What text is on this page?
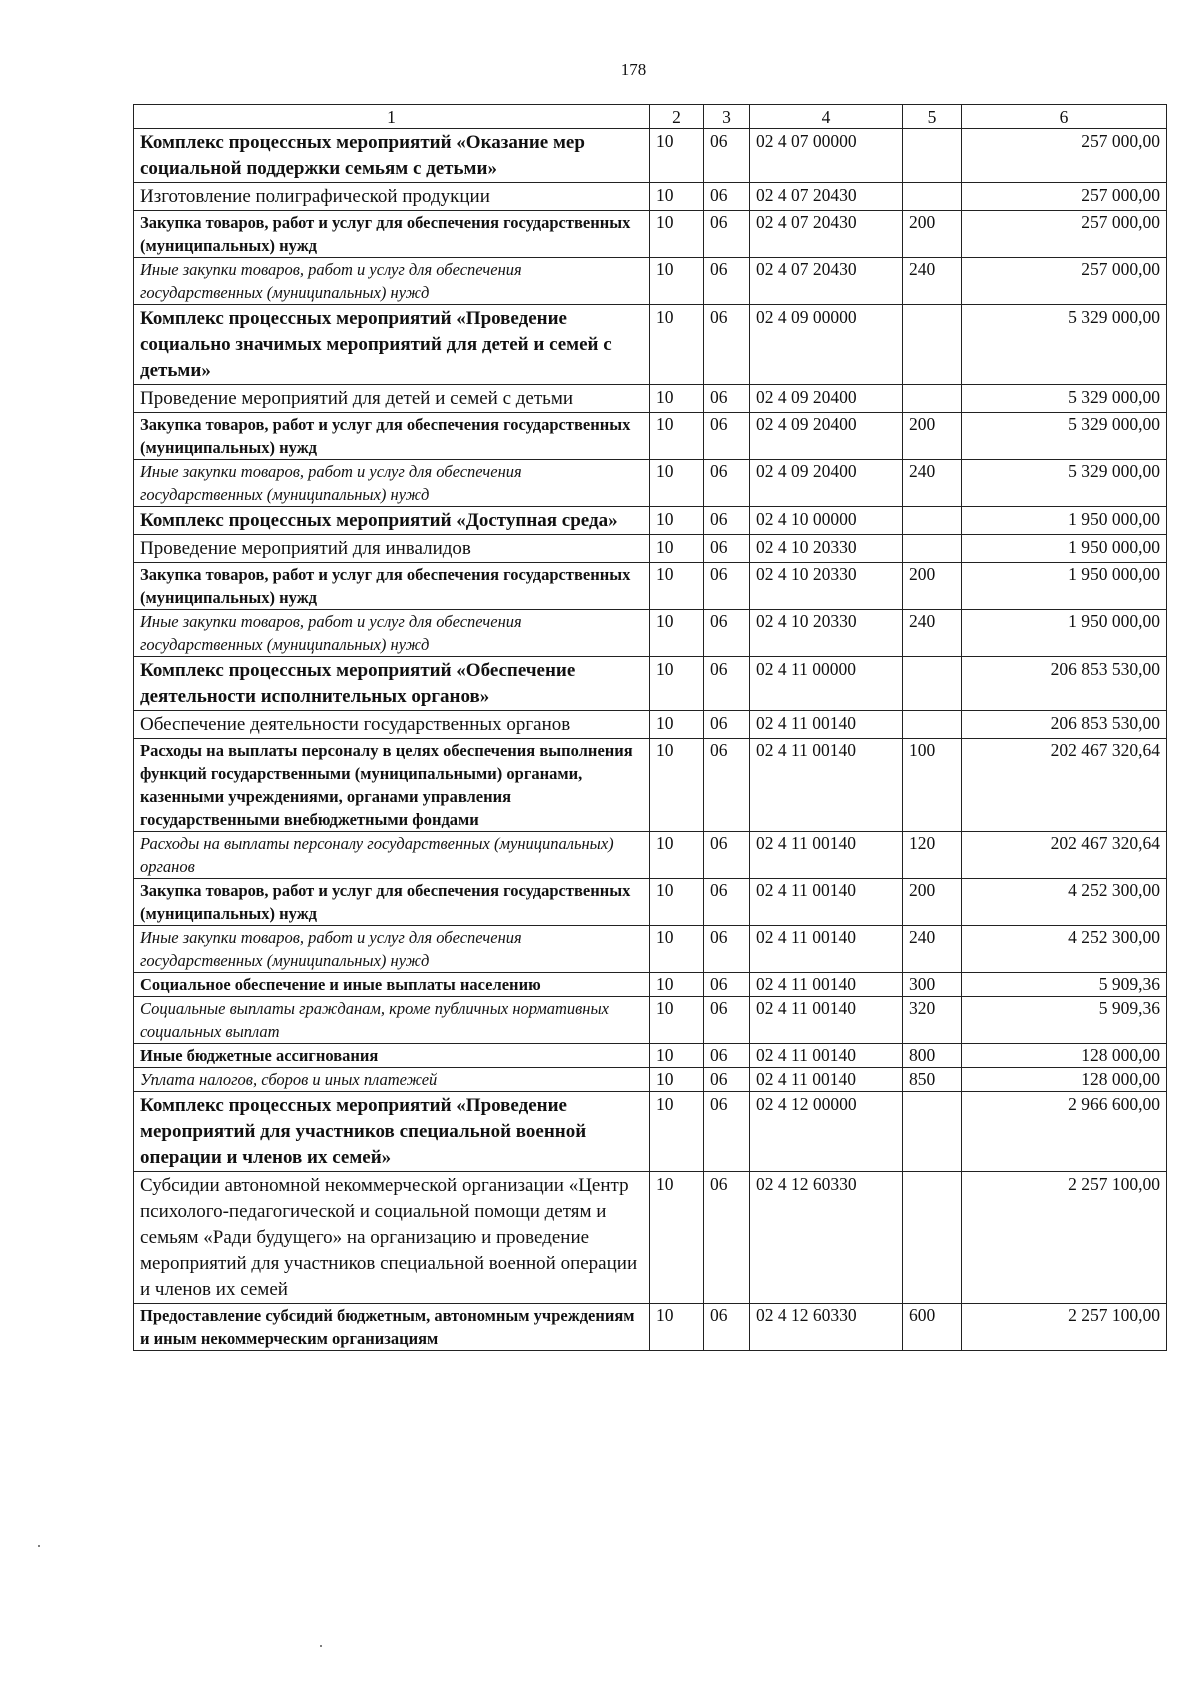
178
1	2	3	4	5	6
Комплекс процессных мероприятий «Оказание мер социальной поддержки семьям с детьми»	10	06	02 4 07 00000		257 000,00
Изготовление полиграфической продукции	10	06	02 4 07 20430		257 000,00
Закупка товаров, работ и услуг для обеспечения государственных (муниципальных) нужд	10	06	02 4 07 20430	200	257 000,00
Иные закупки товаров, работ и услуг для обеспечения государственных (муниципальных) нужд	10	06	02 4 07 20430	240	257 000,00
Комплекс процессных мероприятий «Проведение социально значимых мероприятий для детей и семей с детьми»	10	06	02 4 09 00000		5 329 000,00
Проведение мероприятий для детей и семей с детьми	10	06	02 4 09 20400		5 329 000,00
Закупка товаров, работ и услуг для обеспечения государственных (муниципальных) нужд	10	06	02 4 09 20400	200	5 329 000,00
Иные закупки товаров, работ и услуг для обеспечения государственных (муниципальных) нужд	10	06	02 4 09 20400	240	5 329 000,00
Комплекс процессных мероприятий «Доступная среда»	10	06	02 4 10 00000		1 950 000,00
Проведение мероприятий для инвалидов	10	06	02 4 10 20330		1 950 000,00
Закупка товаров, работ и услуг для обеспечения государственных (муниципальных) нужд	10	06	02 4 10 20330	200	1 950 000,00
Иные закупки товаров, работ и услуг для обеспечения государственных (муниципальных) нужд	10	06	02 4 10 20330	240	1 950 000,00
Комплекс процессных мероприятий «Обеспечение деятельности исполнительных органов»	10	06	02 4 11 00000		206 853 530,00
Обеспечение деятельности государственных органов	10	06	02 4 11 00140		206 853 530,00
Расходы на выплаты персоналу в целях обеспечения выполнения функций государственными (муниципальными) органами, казенными учреждениями, органами управления государственными внебюджетными фондами	10	06	02 4 11 00140	100	202 467 320,64
Расходы на выплаты персоналу государственных (муниципальных) органов	10	06	02 4 11 00140	120	202 467 320,64
Закупка товаров, работ и услуг для обеспечения государственных (муниципальных) нужд	10	06	02 4 11 00140	200	4 252 300,00
Иные закупки товаров, работ и услуг для обеспечения государственных (муниципальных) нужд	10	06	02 4 11 00140	240	4 252 300,00
Социальное обеспечение и иные выплаты населению	10	06	02 4 11 00140	300	5 909,36
Социальные выплаты гражданам, кроме публичных нормативных социальных выплат	10	06	02 4 11 00140	320	5 909,36
Иные бюджетные ассигнования	10	06	02 4 11 00140	800	128 000,00
Уплата налогов, сборов и иных платежей	10	06	02 4 11 00140	850	128 000,00
Комплекс процессных мероприятий «Проведение мероприятий для участников специальной военной операции и членов их семей»	10	06	02 4 12 00000		2 966 600,00
Субсидии автономной некоммерческой организации «Центр психолого-педагогической и социальной помощи детям и семьям «Ради будущего» на организацию и проведение мероприятий для участников специальной военной операции и членов их семей	10	06	02 4 12 60330		2 257 100,00
Предоставление субсидий бюджетным, автономным учреждениям и иным некоммерческим организациям	10	06	02 4 12 60330	600	2 257 100,00
